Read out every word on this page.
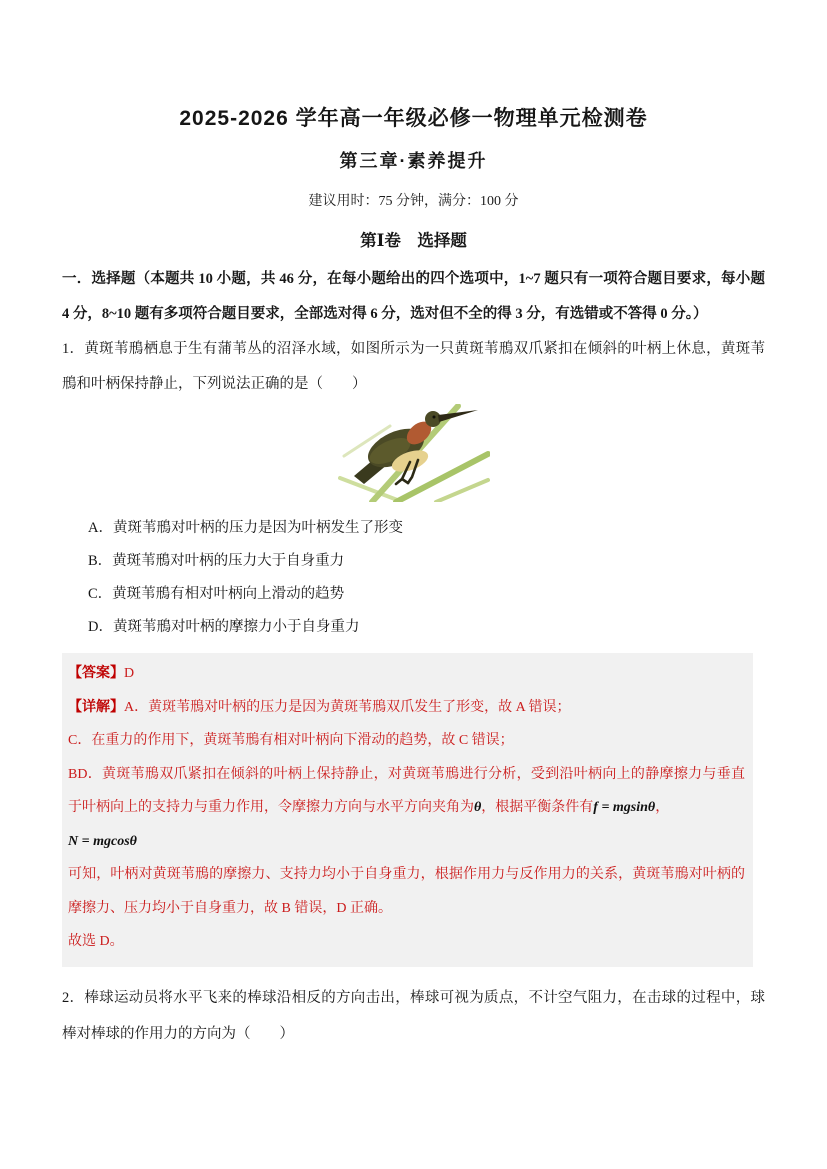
2025-2026 学年高一年级必修一物理单元检测卷
第三章·素养提升

建议用时：75 分钟，满分：100 分

第Ⅰ卷　选择题

一．选择题（本题共 10 小题，共 46 分，在每小题给出的四个选项中，1~7 题只有一项符合题目要求，每小题 4 分，8~10 题有多项符合题目要求，全部选对得 6 分，选对但不全的得 3 分，有选错或不答得 0 分。）

1．黄斑苇鳽栖息于生有蒲苇丛的沼泽水域，如图所示为一只黄斑苇鳽双爪紧扣在倾斜的叶柄上休息，黄斑苇鳽和叶柄保持静止，下列说法正确的是（　　）

A．黄斑苇鳽对叶柄的压力是因为叶柄发生了形变

B．黄斑苇鳽对叶柄的压力大于自身重力

C．黄斑苇鳽有相对叶柄向上滑动的趋势

D．黄斑苇鳽对叶柄的摩擦力小于自身重力

【答案】D

【详解】A．黄斑苇鳽对叶柄的压力是因为黄斑苇鳽双爪发生了形变，故 A 错误；

C．在重力的作用下，黄斑苇鳽有相对叶柄向下滑动的趋势，故 C 错误；

BD．黄斑苇鳽双爪紧扣在倾斜的叶柄上保持静止，对黄斑苇鳽进行分析，受到沿叶柄向上的静摩擦力与垂直于叶柄向上的支持力与重力作用，令摩擦力方向与水平方向夹角为θ，根据平衡条件有f = mgsinθ，

N = mgcosθ

可知，叶柄对黄斑苇鳽的摩擦力、支持力均小于自身重力，根据作用力与反作用力的关系，黄斑苇鳽对叶柄的摩擦力、压力均小于自身重力，故 B 错误，D 正确。

故选 D。

2．棒球运动员将水平飞来的棒球沿相反的方向击出，棒球可视为质点，不计空气阻力，在击球的过程中，球棒对棒球的作用力的方向为（　　）
